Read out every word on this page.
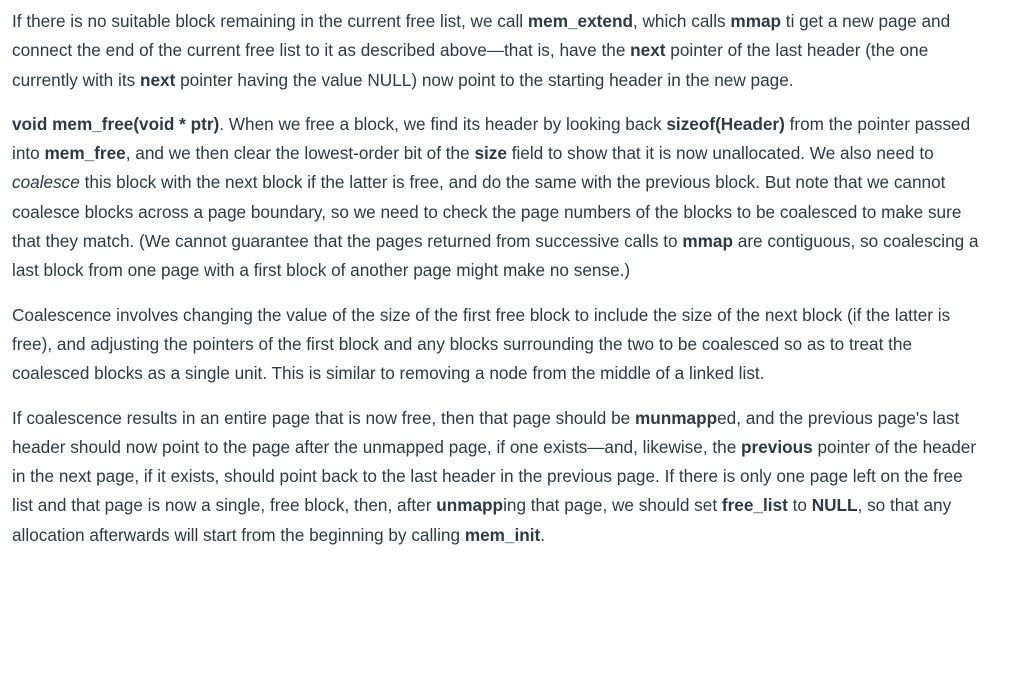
If there is no suitable block remaining in the current free list, we call mem_extend, which calls mmap ti get a new page and connect the end of the current free list to it as described above—that is, have the next pointer of the last header (the one currently with its next pointer having the value NULL) now point to the starting header in the new page.

void mem_free(void * ptr). When we free a block, we find its header by looking back sizeof(Header) from the pointer passed into mem_free, and we then clear the lowest-order bit of the size field to show that it is now unallocated. We also need to coalesce this block with the next block if the latter is free, and do the same with the previous block. But note that we cannot coalesce blocks across a page boundary, so we need to check the page numbers of the blocks to be coalesced to make sure that they match. (We cannot guarantee that the pages returned from successive calls to mmap are contiguous, so coalescing a last block from one page with a first block of another page might make no sense.)

Coalescence involves changing the value of the size of the first free block to include the size of the next block (if the latter is free), and adjusting the pointers of the first block and any blocks surrounding the two to be coalesced so as to treat the coalesced blocks as a single unit. This is similar to removing a node from the middle of a linked list.

If coalescence results in an entire page that is now free, then that page should be munmapped, and the previous page's last header should now point to the page after the unmapped page, if one exists—and, likewise, the previous pointer of the header in the next page, if it exists, should point back to the last header in the previous page. If there is only one page left on the free list and that page is now a single, free block, then, after unmapping that page, we should set free_list to NULL, so that any allocation afterwards will start from the beginning by calling mem_init.
